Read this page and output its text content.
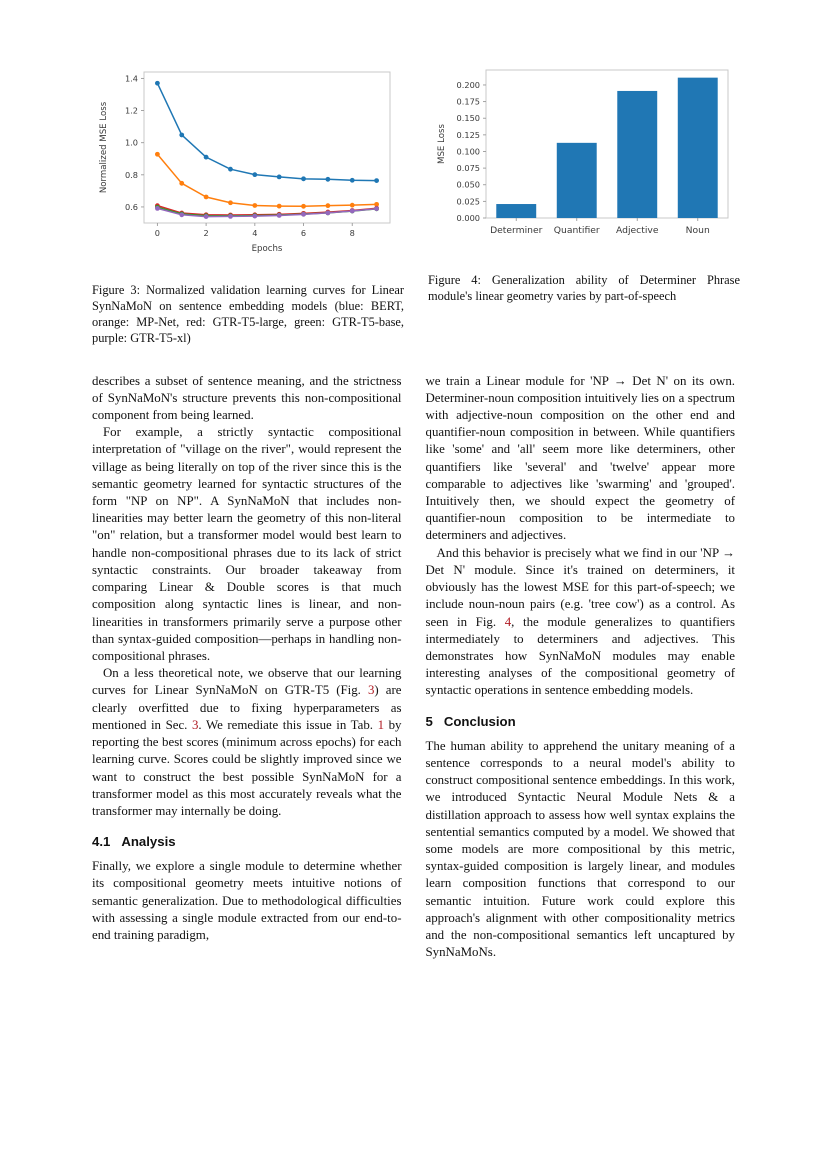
0.6
0.8
1.0
1.2
1.4
0	2	4	6	8
Epochs
Normalized MSE Loss
Figure 3: Normalized validation learning curves for Linear SynNaMoN on sentence embedding models (blue: BERT, orange: MP-Net, red: GTR-T5-large, green: GTR-T5-base, purple: GTR-T5-xl)
0.000
0.025
0.050
0.075
0.100
0.125
0.150
0.175
0.200
MSE Loss
Determiner Quantifier Adjective	Noun
Figure 4: Generalization ability of Determiner Phrase module's linear geometry varies by part-of-speech

describes a subset of sentence meaning, and the strictness of SynNaMoN's structure prevents this non-compositional component from being learned.

For example, a strictly syntactic compositional interpretation of "village on the river", would represent the village as being literally on top of the river since this is the semantic geometry learned for syntactic structures of the form "NP on NP". A SynNaMoN that includes non-linearities may better learn the geometry of this non-literal "on" relation, but a transformer model would best learn to handle non-compositional phrases due to its lack of strict syntactic constraints. Our broader takeaway from comparing Linear & Double scores is that much composition along syntactic lines is linear, and non-linearities in transformers primarily serve a purpose other than syntax-guided composition—perhaps in handling non-compositional phrases.

On a less theoretical note, we observe that our learning curves for Linear SynNaMoN on GTR-T5 (Fig. 3) are clearly overfitted due to fixing hyperparameters as mentioned in Sec. 3. We remediate this issue in Tab. 1 by reporting the best scores (minimum across epochs) for each learning curve. Scores could be slightly improved since we want to construct the best possible SynNaMoN for a transformer model as this most accurately reveals what the transformer may internally be doing.

4.1 Analysis

Finally, we explore a single module to determine whether its compositional geometry meets intuitive notions of semantic generalization. Due to methodological difficulties with assessing a single module extracted from our end-to-end training paradigm,

we train a Linear module for 'NP → Det N' on its own. Determiner-noun composition intuitively lies on a spectrum with adjective-noun composition on the other end and quantifier-noun composition in between. While quantifiers like 'some' and 'all' seem more like determiners, other quantifiers like 'several' and 'twelve' appear more comparable to adjectives like 'swarming' and 'grouped'. Intuitively then, we should expect the geometry of quantifier-noun composition to be intermediate to determiners and adjectives.

And this behavior is precisely what we find in our 'NP → Det N' module. Since it's trained on determiners, it obviously has the lowest MSE for this part-of-speech; we include noun-noun pairs (e.g. 'tree cow') as a control. As seen in Fig. 4, the module generalizes to quantifiers intermediately to determiners and adjectives. This demonstrates how SynNaMoN modules may enable interesting analyses of the compositional geometry of syntactic operations in sentence embedding models.

5 Conclusion

The human ability to apprehend the unitary meaning of a sentence corresponds to a neural model's ability to construct compositional sentence embeddings. In this work, we introduced Syntactic Neural Module Nets & a distillation approach to assess how well syntax explains the sentential semantics computed by a model. We showed that some models are more compositional by this metric, syntax-guided composition is largely linear, and modules learn composition functions that correspond to our semantic intuition. Future work could explore this approach's alignment with other compositionality metrics and the non-compositional semantics left uncaptured by SynNaMoNs.
